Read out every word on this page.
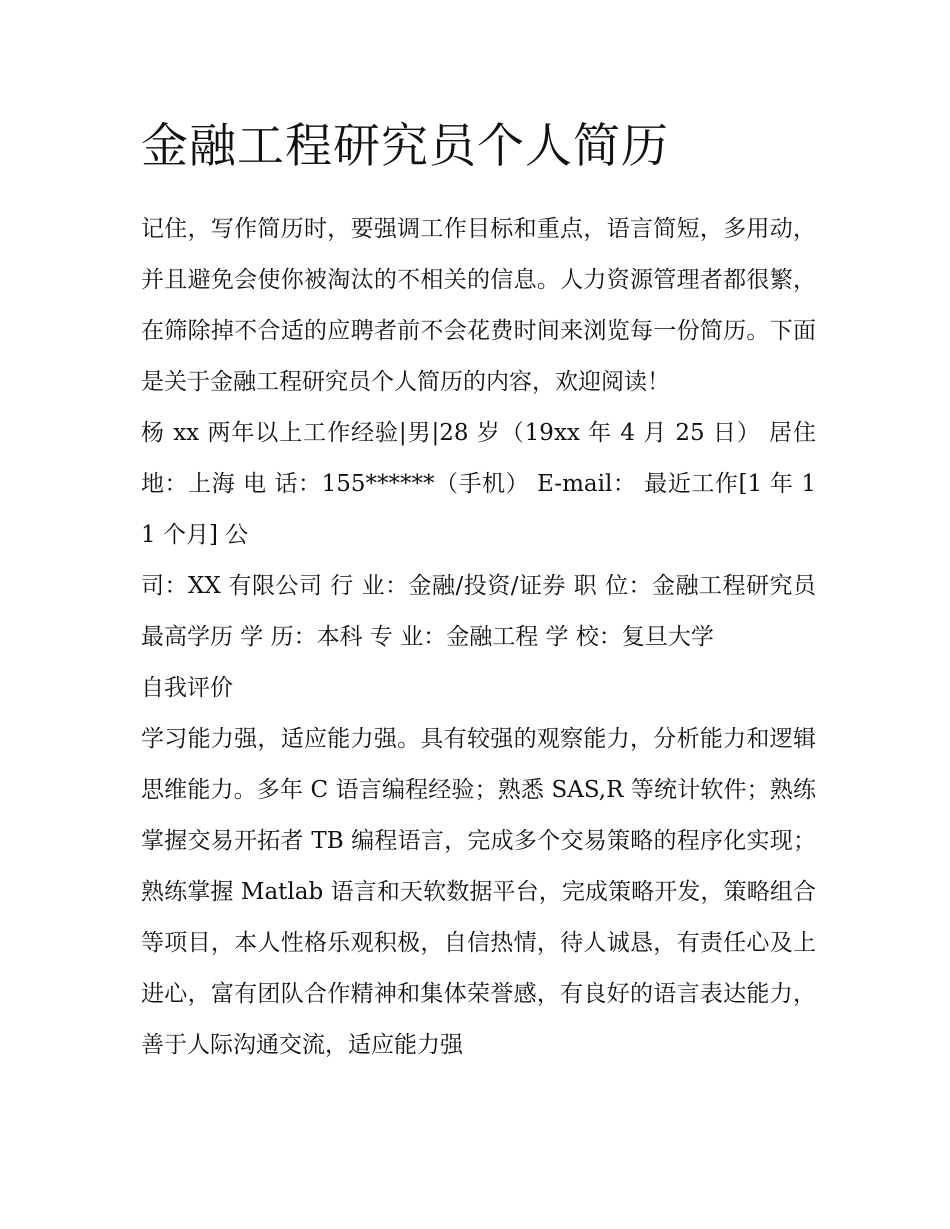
金融工程研究员个人简历

记住，写作简历时，要强调工作目标和重点，语言简短，多用动，并且避免会使你被淘汰的不相关的信息。人力资源管理者都很繁，在筛除掉不合适的应聘者前不会花费时间来浏览每一份简历。下面是关于金融工程研究员个人简历的内容，欢迎阅读！

杨 xx 两年以上工作经验|男|28 岁（19xx 年 4 月 25 日） 居住地：上海 电 话：155******（手机） E-mail： 最近工作[1 年 11 个月] 公

司：XX 有限公司 行 业：金融/投资/证券 职 位：金融工程研究员 最高学历 学 历：本科 专 业：金融工程 学 校：复旦大学

自我评价

学习能力强，适应能力强。具有较强的观察能力，分析能力和逻辑思维能力。多年 C 语言编程经验；熟悉 SAS,R 等统计软件；熟练掌握交易开拓者 TB 编程语言，完成多个交易策略的程序化实现；熟练掌握 Matlab 语言和天软数据平台，完成策略开发，策略组合等项目，本人性格乐观积极，自信热情，待人诚恳，有责任心及上进心，富有团队合作精神和集体荣誉感，有良好的语言表达能力，善于人际沟通交流，适应能力强
